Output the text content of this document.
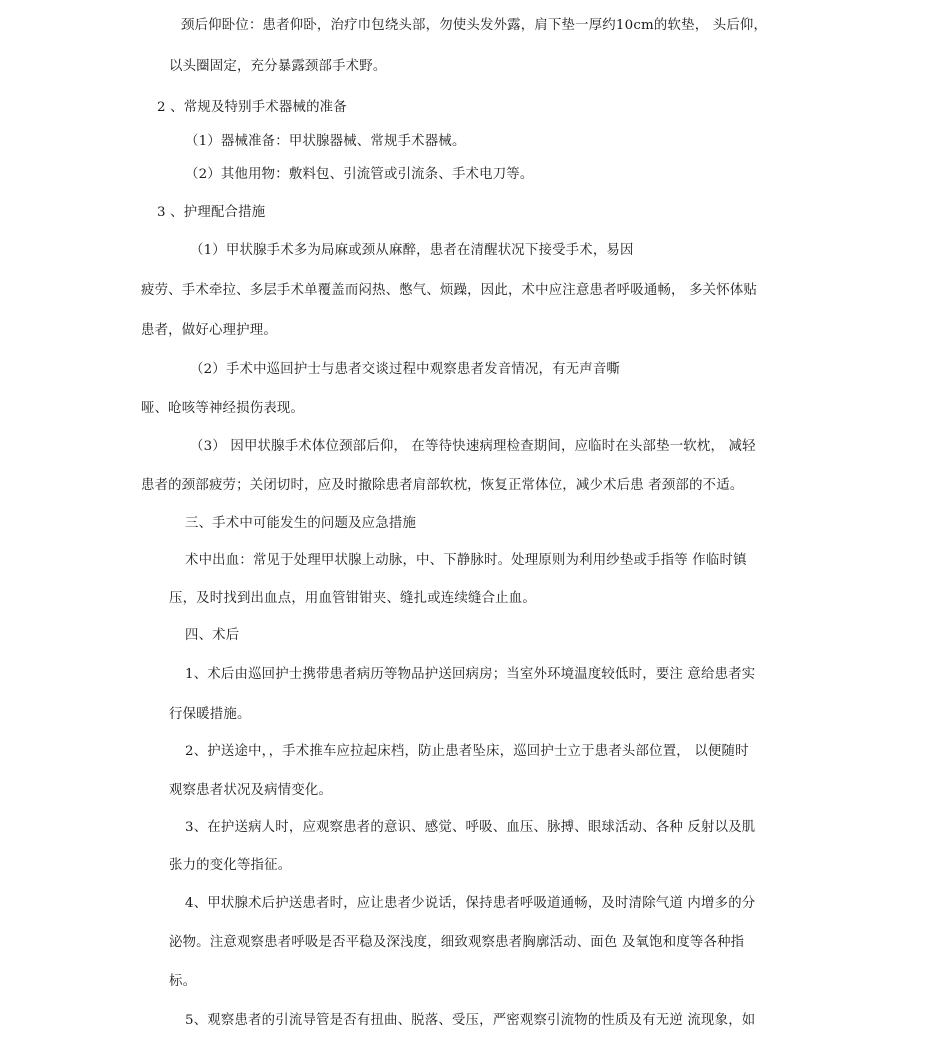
颈后仰卧位：患者仰卧，治疗巾包绕头部，勿使头发外露，肩下垫一厚约10cm的软垫， 头后仰，
以头圈固定，充分暴露颈部手术野。
2 、常规及特别手术器械的准备
（1）器械准备：甲状腺器械、常规手术器械。
（2）其他用物：敷料包、引流管或引流条、手术电刀等。
3 、护理配合措施
（1）甲状腺手术多为局麻或颈从麻醉，患者在清醒状况下接受手术，易因
疲劳、手术牵拉、多层手术单覆盖而闷热、憋气、烦躁，因此，术中应注意患者呼吸通畅， 多关怀体贴
患者，做好心理护理。
（2）手术中巡回护士与患者交谈过程中观察患者发音情况，有无声音嘶
哑、呛咳等神经损伤表现。
（3） 因甲状腺手术体位颈部后仰， 在等待快速病理检查期间，应临时在头部垫一软枕， 减轻
患者的颈部疲劳；关闭切时，应及时撤除患者肩部软枕，恢复正常体位，减少术后患 者颈部的不适。
三、手术中可能发生的问题及应急措施
术中出血：常见于处理甲状腺上动脉，中、下静脉时。处理原则为利用纱垫或手指等 作临时镇
压，及时找到出血点，用血管钳钳夹、缝扎或连续缝合止血。
四、术后
1、术后由巡回护士携带患者病历等物品护送回病房；当室外环境温度较低时，要注 意给患者实
行保暖措施。
2、护送途中，，手术推车应拉起床档，防止患者坠床，巡回护士立于患者头部位置， 以便随时
观察患者状况及病情变化。
3、在护送病人时，应观察患者的意识、感觉、呼吸、血压、脉搏、眼球活动、各种 反射以及肌
张力的变化等指征。
4、甲状腺术后护送患者时，应让患者少说话，保持患者呼吸道通畅，及时清除气道 内增多的分
泌物。注意观察患者呼吸是否平稳及深浅度，细致观察患者胸廓活动、面色 及氧饱和度等各种指
标。
5、观察患者的引流导管是否有扭曲、脱落、受压，严密观察引流物的性质及有无逆 流现象，如
